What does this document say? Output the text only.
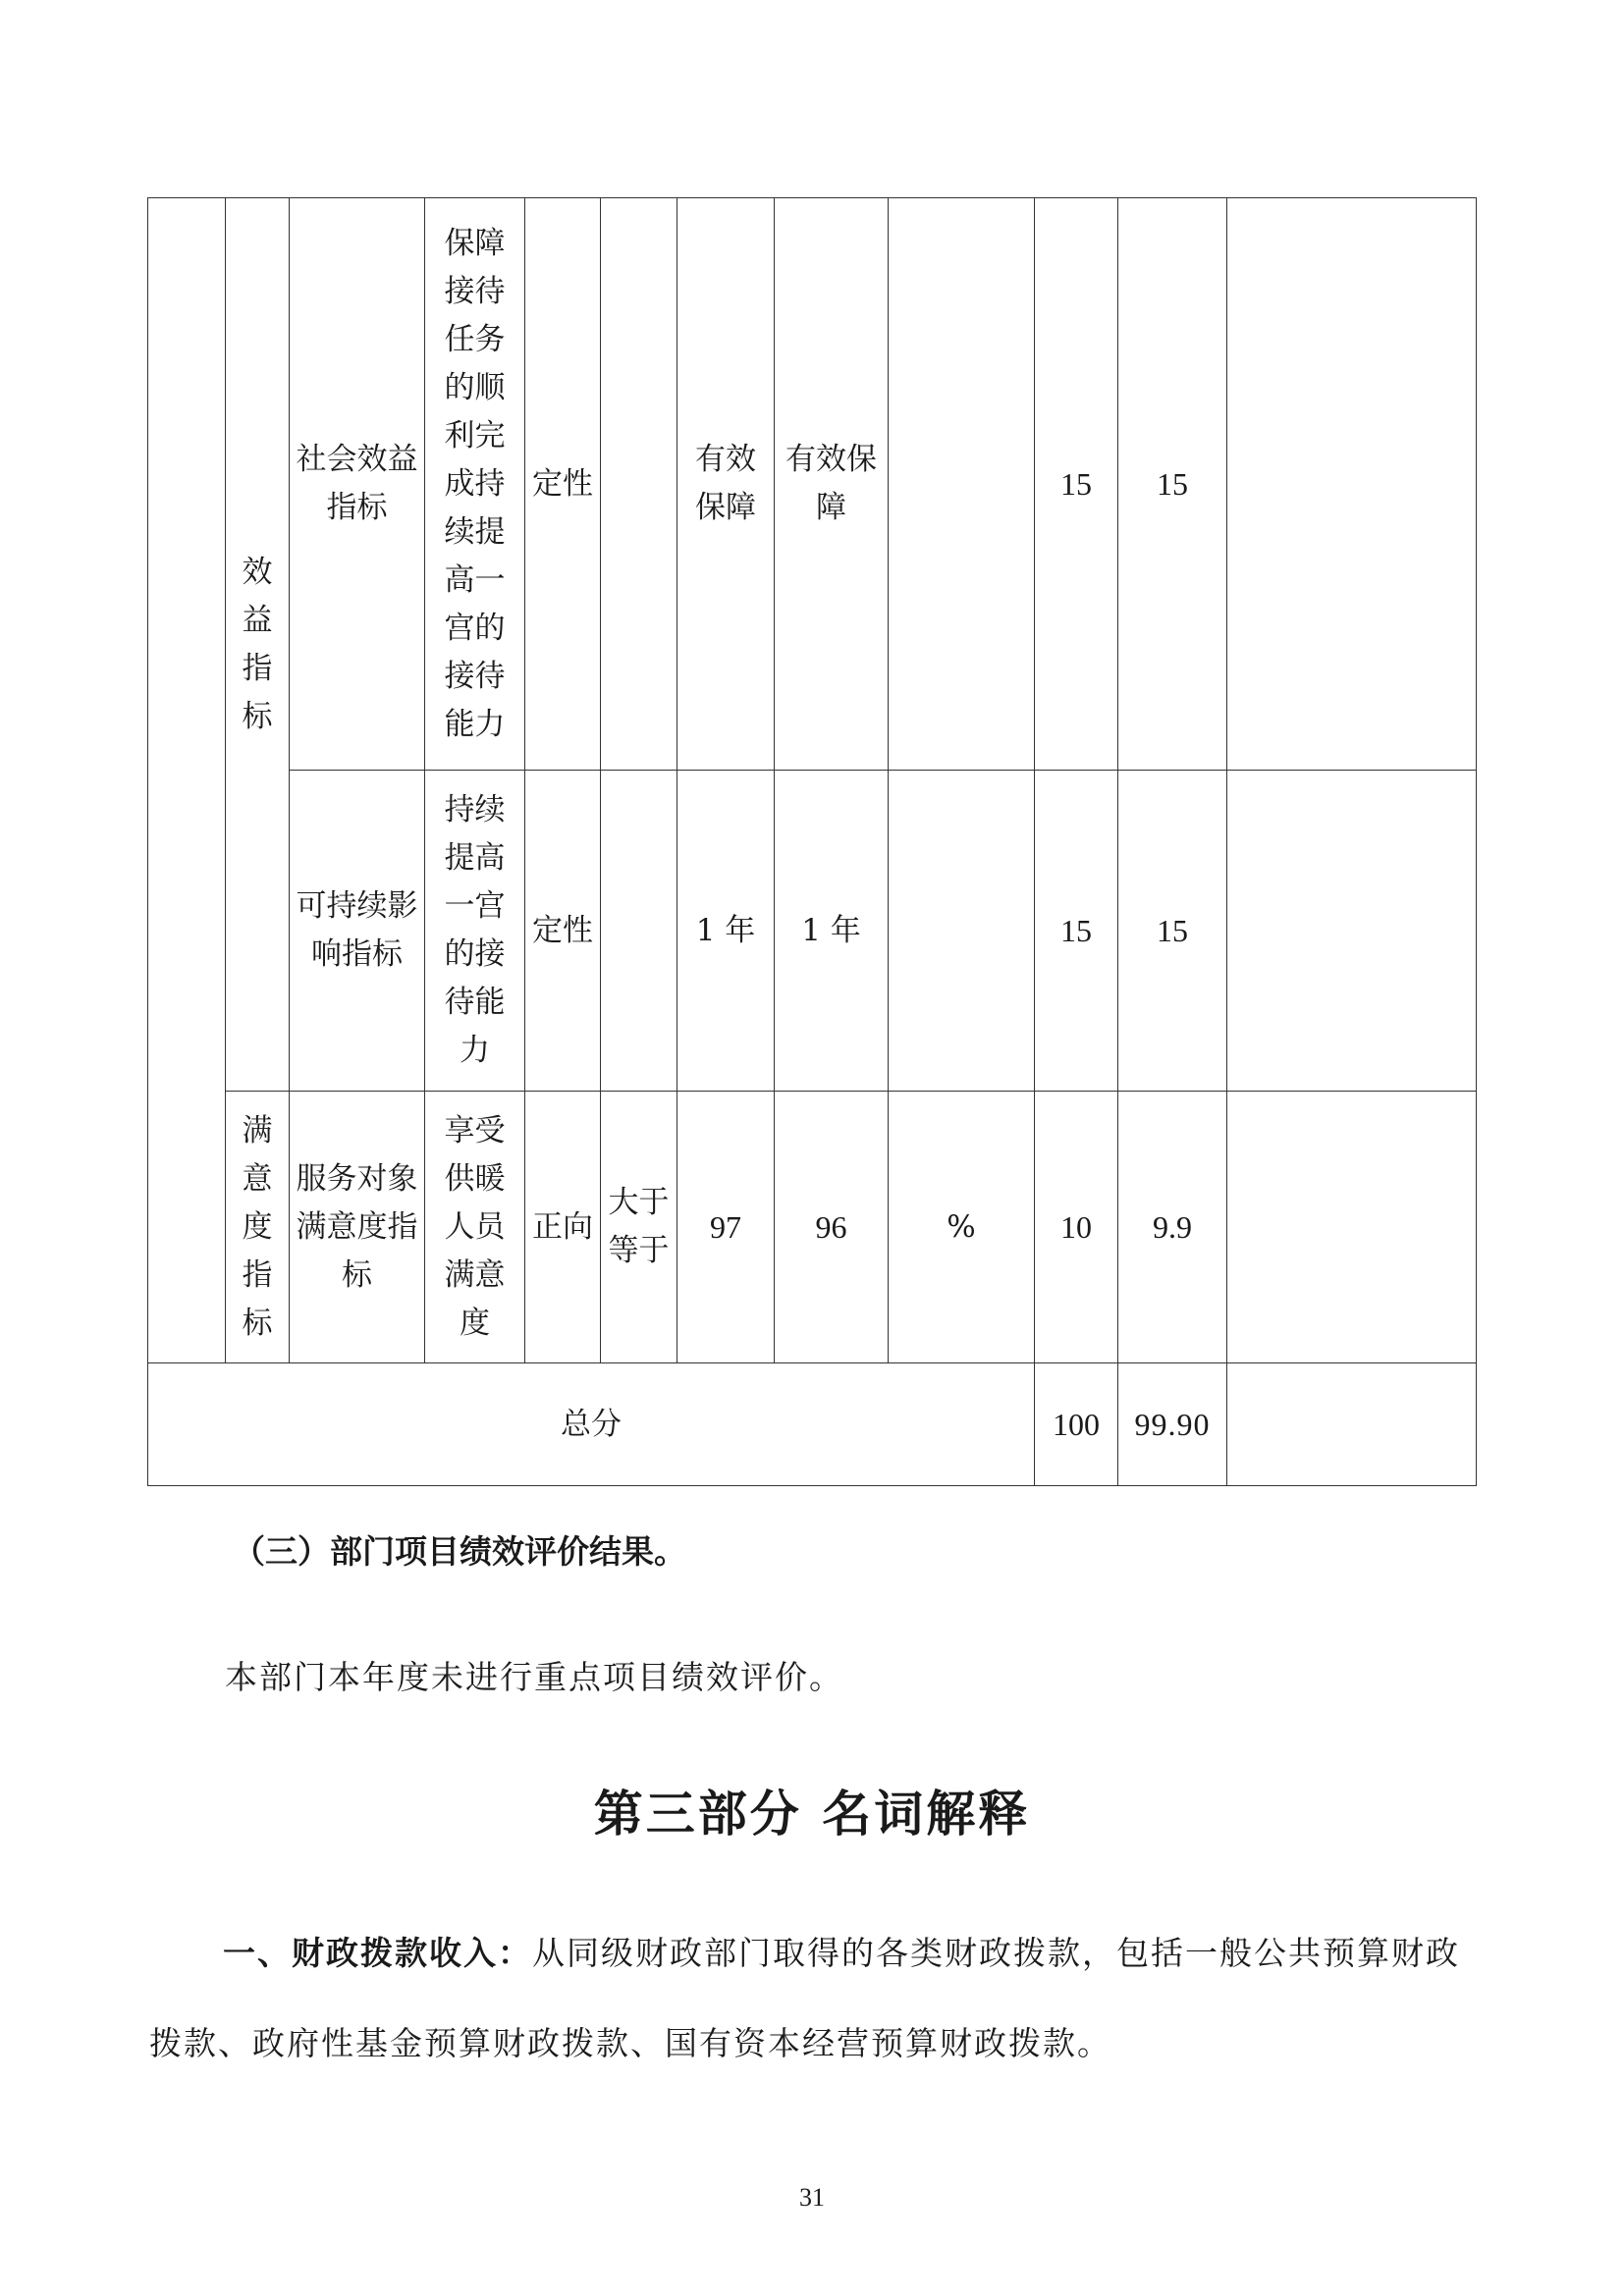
	效益指标	社会效益指标	保障接待任务的顺利完成持续提高一宫的接待能力	定性		有效保障	有效保障		15	15	

		可持续影响指标	持续提高一宫的接待能力	定性		1 年	1 年		15	15	

	满意度指标	服务对象满意度指标	享受供暖人员满意度	正向	大于等于	97	96	%	10	9.9	
总分									100	99.90	

（三）部门项目绩效评价结果。
本部门本年度未进行重点项目绩效评价。
第三部分 名词解释
一、财政拨款收入：从同级财政部门取得的各类财政拨款，包括一般公共预算财政拨款、政府性基金预算财政拨款、国有资本经营预算财政拨款。
31
